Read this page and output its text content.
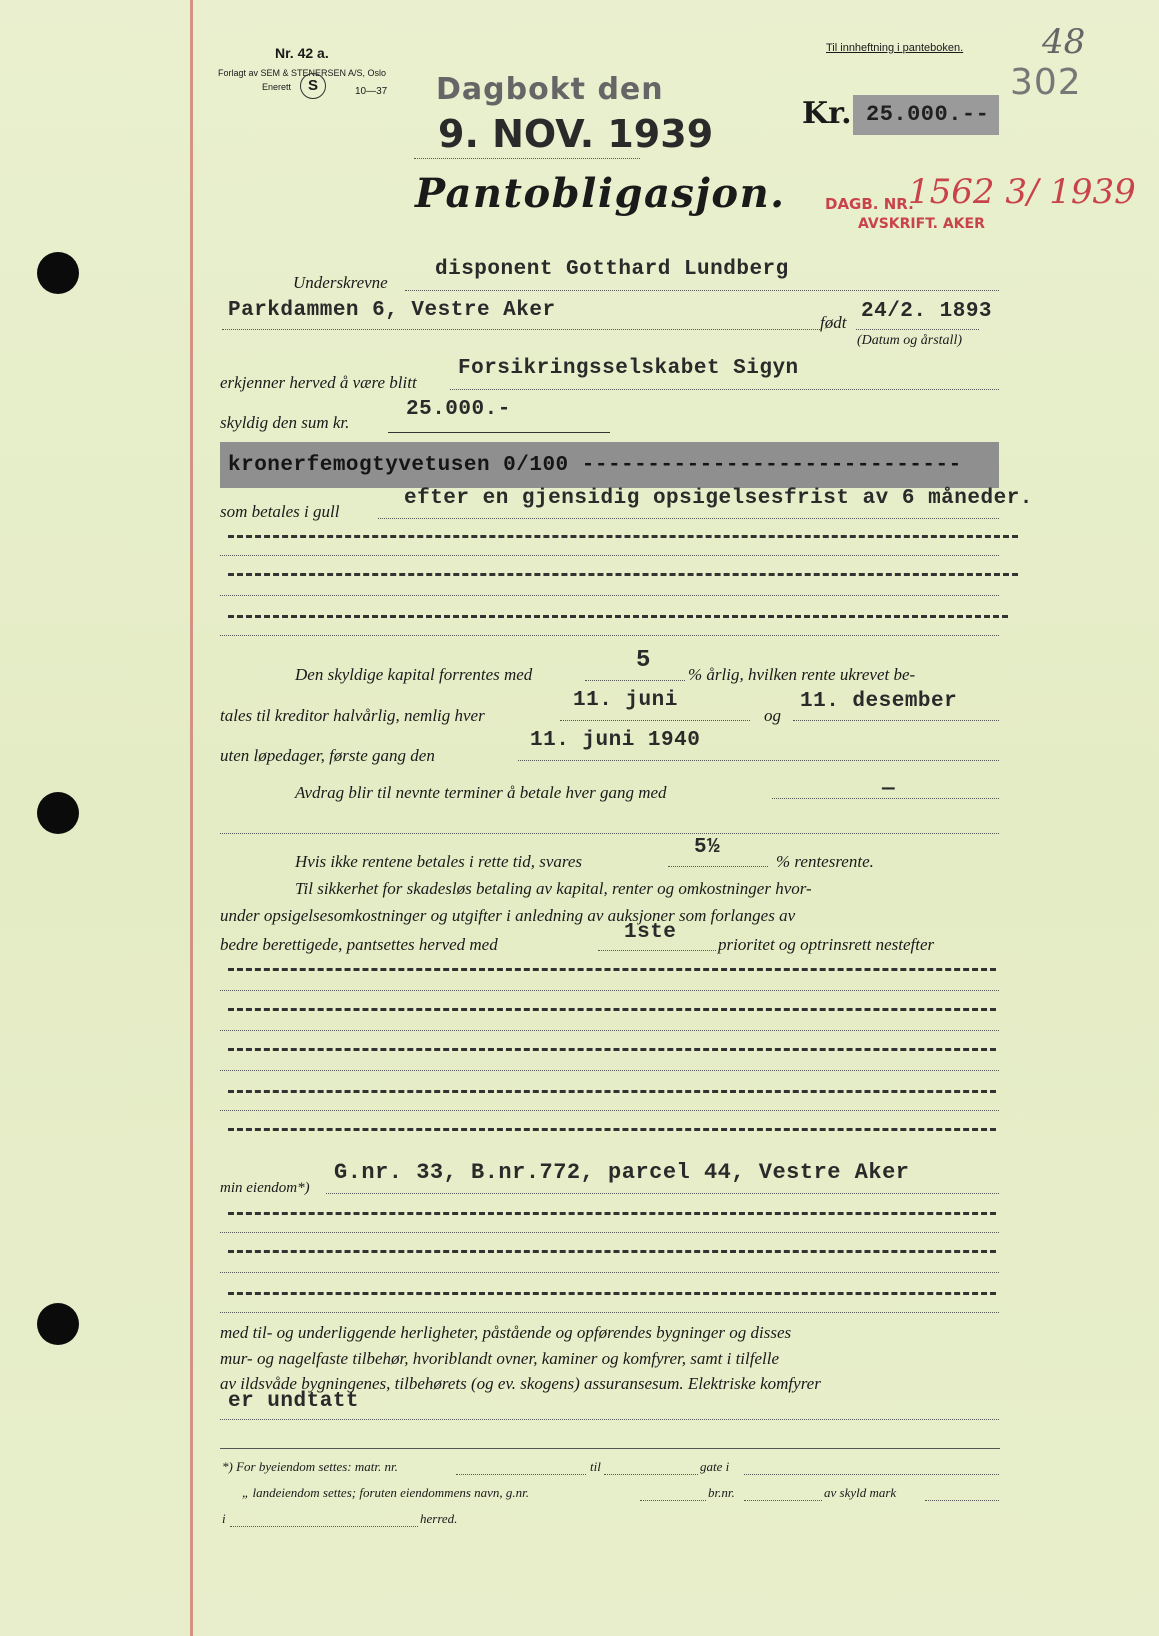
Nr. 42 a.
Forlagt av SEM & STENERSEN A/S, Oslo
Enerett	S	10—37
Til innheftning i pantebоken. 48
302
Dagbokt den
9. NOV. 1939	Kr. 25.000.--
Pantobligasjon.	DAGB. NR.
1562 3/ 1939
AVSKRIFT. AKER
Underskrevne
disponent Gotthard Lundberg
Parkdammen 6, Vestre Aker
født 24/2. 1893
(Datum og årstall)
erkjenner herved å være blitt
Forsikringsselskabet Sigyn
skyldig den sum kr.
25.000.-
kronerfemogtyvetusen 0/100 -----------------------------
som betales i gull
efter en gjensidig opsigelsesfrist av 6 måneder.
Den skyldige kapital forrentes med
5
% årlig, hvilken rente ukrevet be-
tales til kreditor halvårlig, nemlig hver
11. juni
og
11. desember
uten løpedager, første gang den
11. juni 1940
Avdrag blir til nevnte terminer å betale hver gang med	—
Hvis ikke rentene betales i rette tid, svares
5½
% rentesrente.
Til sikkerhet for skadesløs betaling av kapital, renter og omkostninger hvor-
under opsigelsesomkostninger og utgifter i anledning av auksjoner som forlanges av
bedre berettigede, pantsettes herved med
1ste
prioritet og optrinsrett nestefter
min eiendom*)
G.nr. 33, B.nr.772, parcel 44, Vestre Aker
med til- og underliggende herligheter, påstående og opførendes bygninger og disses
mur- og nagelfaste tilbehør, hvoriblandt ovner, kaminer og komfyrer, samt i tilfelle
av ildsvåde bygningenes, tilbehørets (og ev. skogens) assuransesum. Elektriske komfyrer
er undtatt
*) For byeiendom settes: matr. nr.	til	gate i
„ landeiendom settes; foruten eiendommens navn, g.nr.	br.nr.	av skyld mark
i	herred.
